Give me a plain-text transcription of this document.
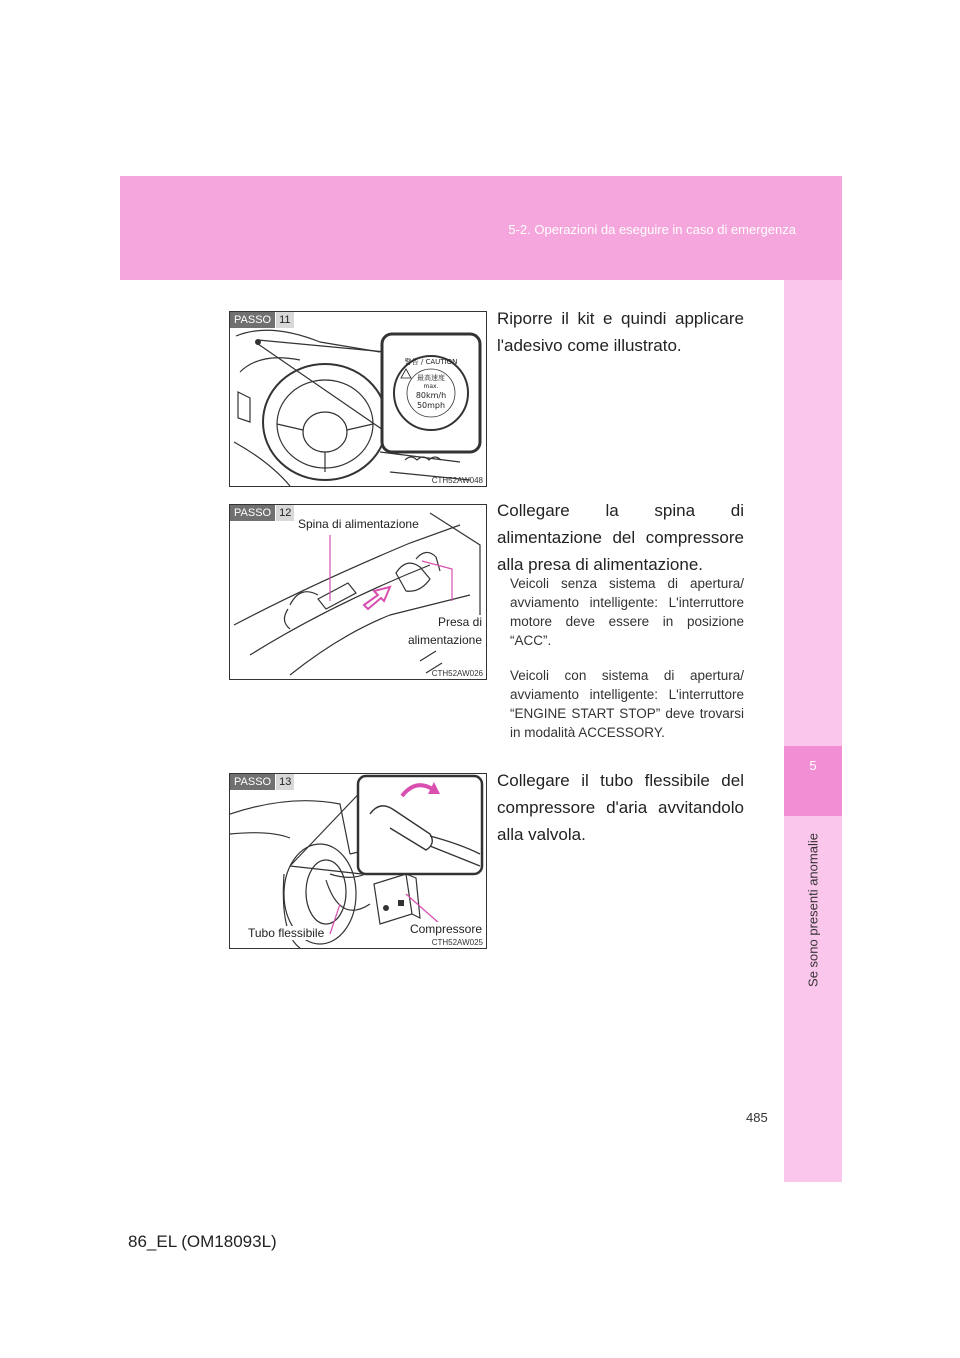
5-2. Operazioni da eseguire in caso di emergenza
5
Se sono presenti anomalie
警告 / CAUTION
最高速度
max.
80km/h
50mph
PASSO 11
CTH52AW048
Riporre il kit e quindi applicare l'adesivo come illustrato.
PASSO 12
Spina di alimentazione
Presa di
alimentazione
CTH52AW026
Collegare la spina di alimentazione del compressore alla presa di alimentazione.
Veicoli senza sistema di apertura/ avviamento intelligente: L'interruttore motore deve essere in posizione “ACC”.
Veicoli con sistema di apertura/ avviamento intelligente: L'interruttore “ENGINE START STOP” deve trovarsi in modalità ACCESSORY.
PASSO 13
Tubo flessibile	Compressore
CTH52AW025
Collegare il tubo flessibile del compressore d'aria avvitandolo alla valvola.
485
86_EL (OM18093L)
